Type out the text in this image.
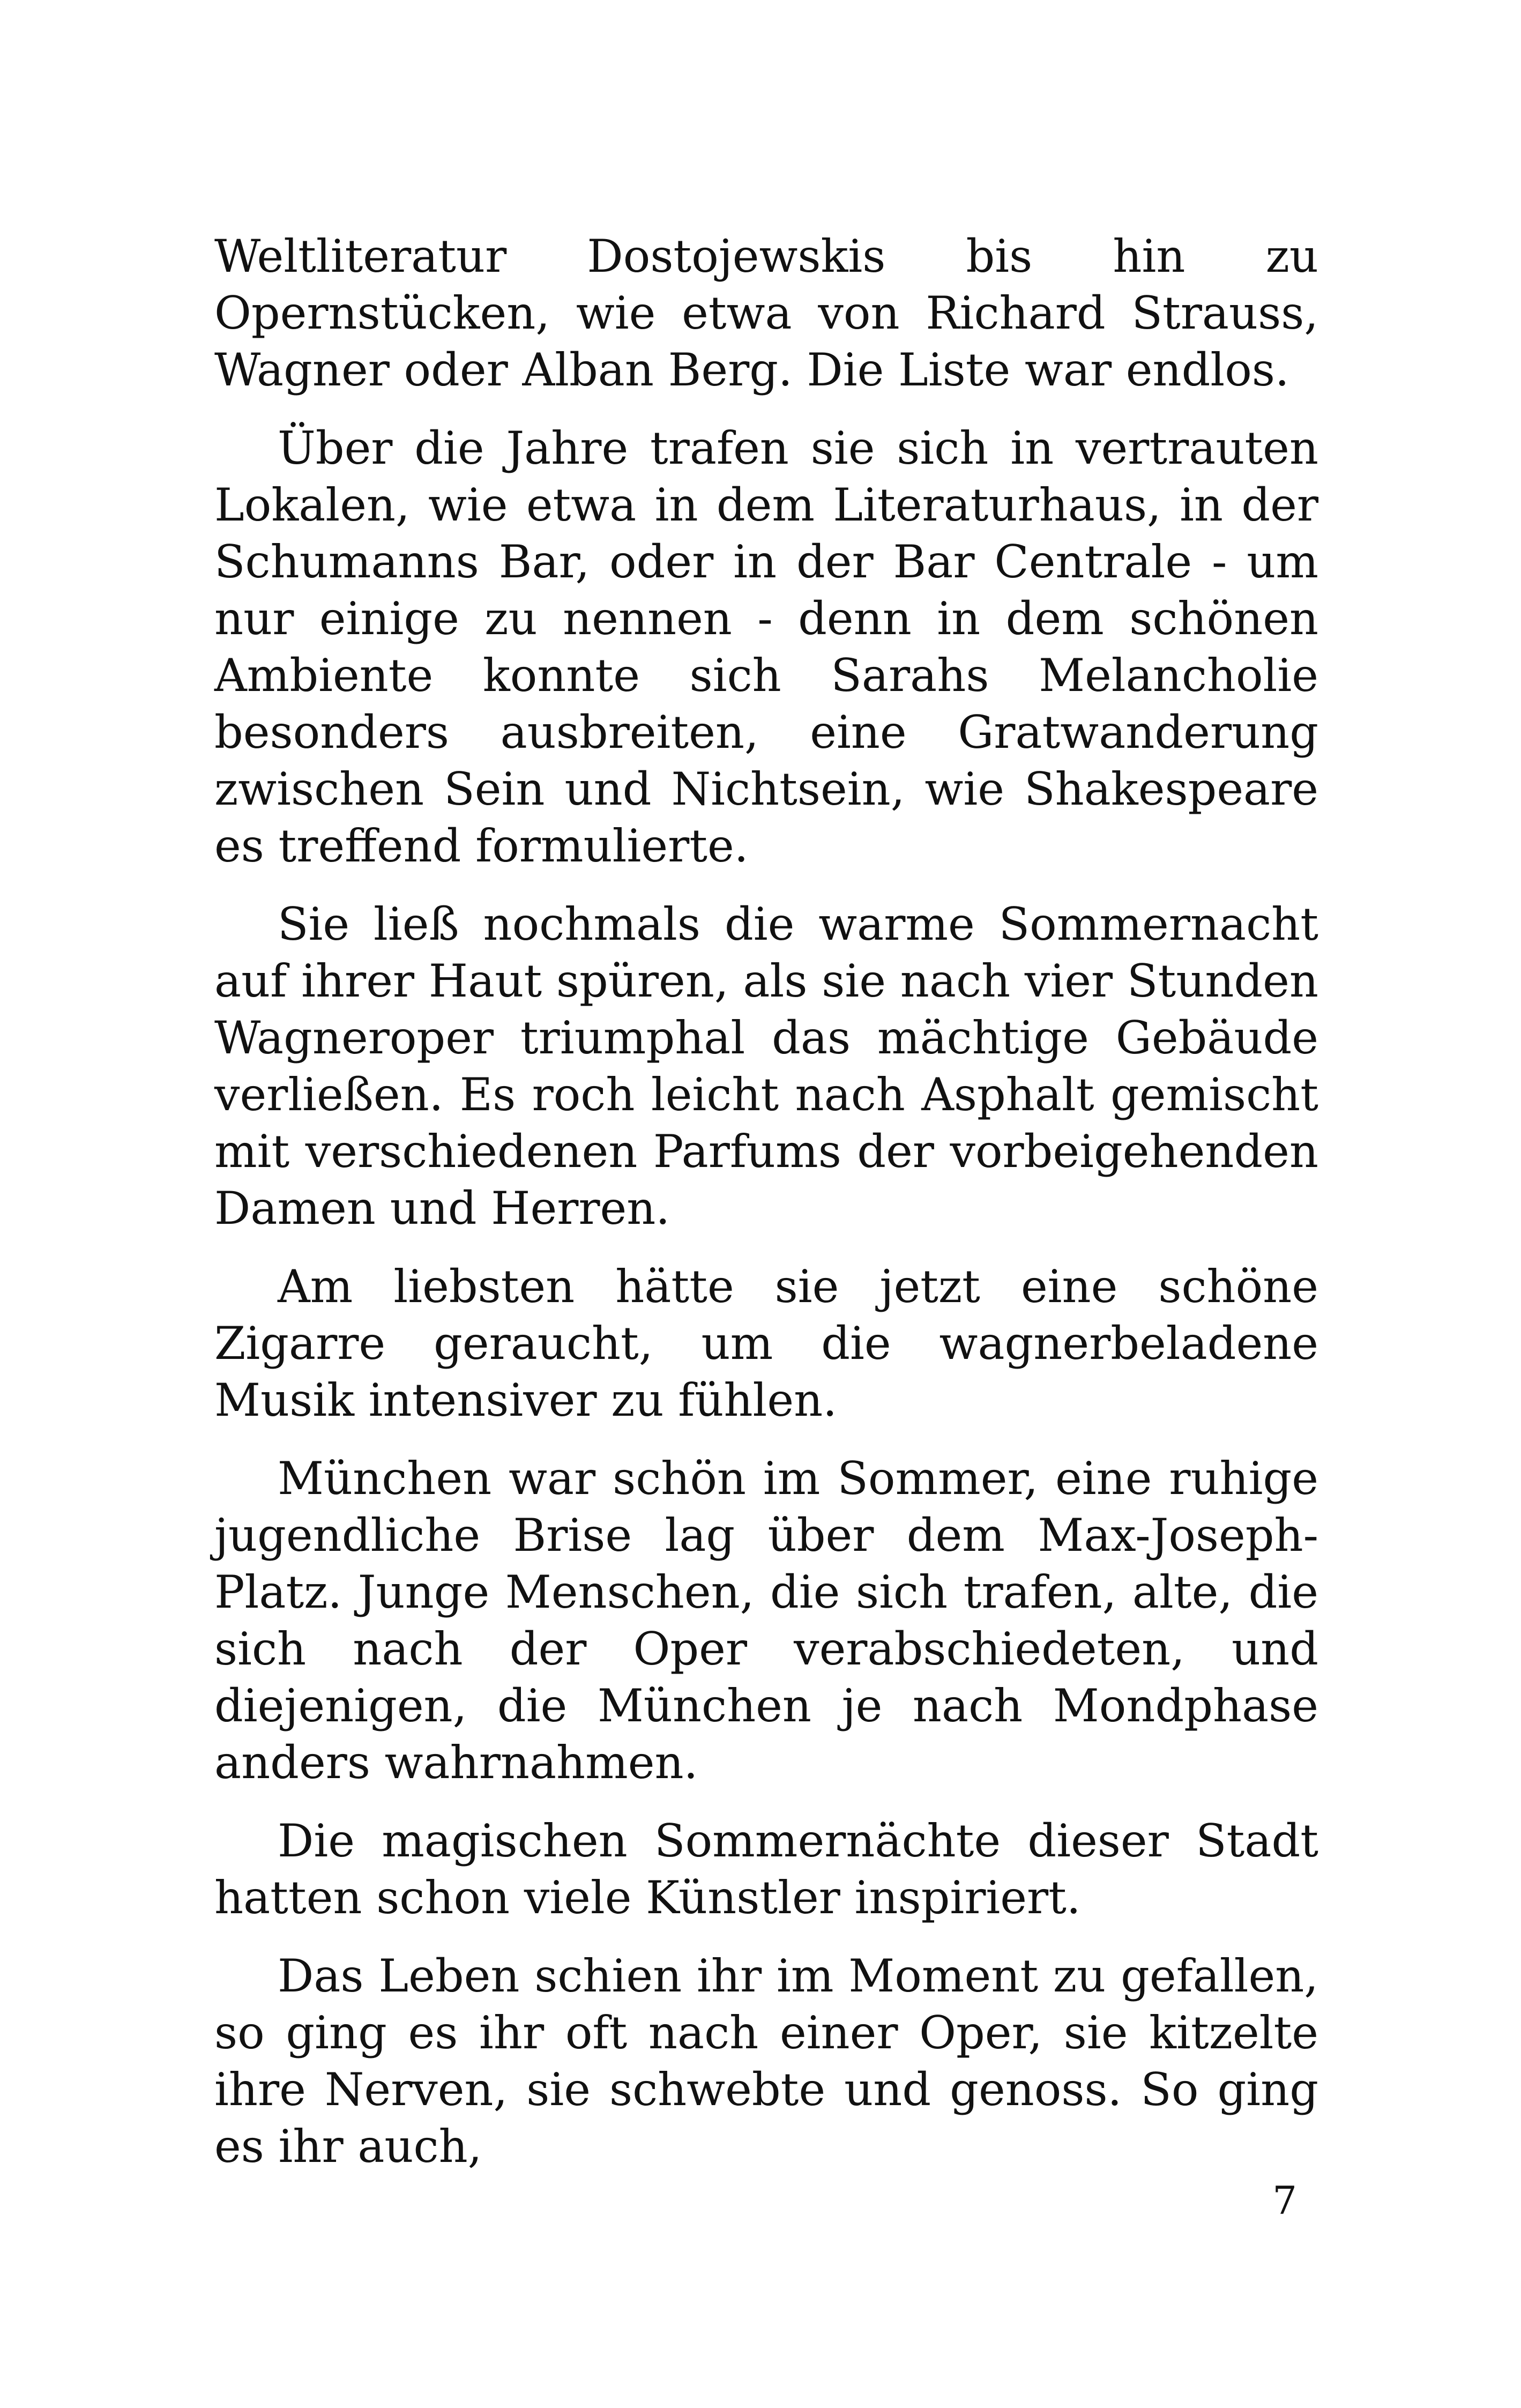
Weltliteratur Dostojewskis bis hin zu Opernstücken, wie etwa von Richard Strauss, Wagner oder Alban Berg. Die Liste war endlos.

Über die Jahre trafen sie sich in vertrauten Lokalen, wie etwa in dem Literaturhaus, in der Schumanns Bar, oder in der Bar Centrale - um nur einige zu nennen - denn in dem schönen Ambiente konnte sich Sarahs Melancholie besonders ausbreiten, eine Gratwanderung zwischen Sein und Nichtsein, wie Shakespeare es treffend formulierte.

Sie ließ nochmals die warme Sommernacht auf ihrer Haut spüren, als sie nach vier Stunden Wagneroper triumphal das mächtige Gebäude verließen. Es roch leicht nach Asphalt gemischt mit verschiedenen Parfums der vorbeigehenden Damen und Herren.

Am liebsten hätte sie jetzt eine schöne Zigarre geraucht, um die wagnerbeladene Musik intensiver zu fühlen.

München war schön im Sommer, eine ruhige jugendliche Brise lag über dem Max-Joseph-Platz. Junge Menschen, die sich trafen, alte, die sich nach der Oper verabschiedeten, und diejenigen, die München je nach Mondphase anders wahrnahmen.

Die magischen Sommernächte dieser Stadt hatten schon viele Künstler inspiriert.

Das Leben schien ihr im Moment zu gefallen, so ging es ihr oft nach einer Oper, sie kitzelte ihre Nerven, sie schwebte und genoss. So ging es ihr auch,

7
